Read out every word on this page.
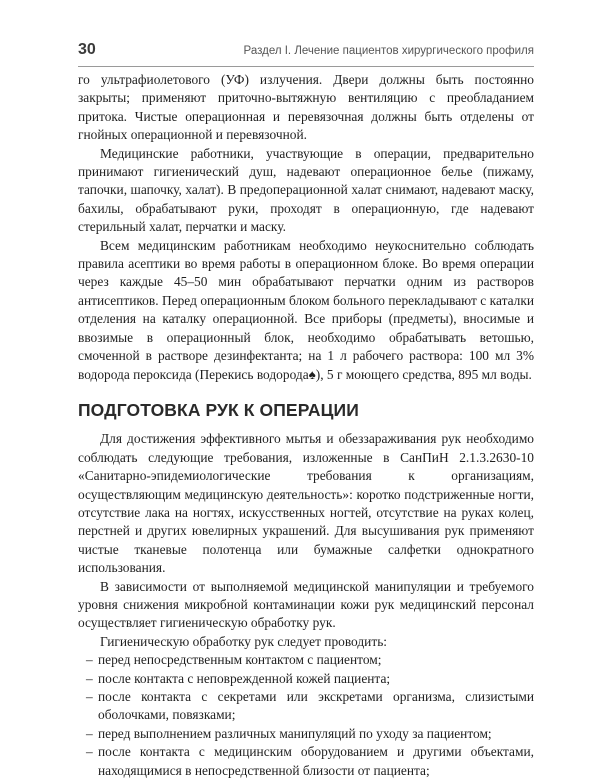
30	Раздел I. Лечение пациентов хирургического профиля

го ультрафиолетового (УФ) излучения. Двери должны быть постоянно закрыты; применяют приточно-вытяжную вентиляцию с преобладанием притока. Чистые операционная и перевязочная должны быть отделены от гнойных операционной и перевязочной.

Медицинские работники, участвующие в операции, предварительно принимают гигиенический душ, надевают операционное белье (пижаму, тапочки, шапочку, халат). В предоперационной халат снимают, надевают маску, бахилы, обрабатывают руки, проходят в операционную, где надевают стерильный халат, перчатки и маску.

Всем медицинским работникам необходимо неукоснительно соблюдать правила асептики во время работы в операционном блоке. Во время операции через каждые 45–50 мин обрабатывают перчатки одним из растворов антисептиков. Перед операционным блоком больного перекладывают с каталки отделения на каталку операционной. Все приборы (предметы), вносимые и ввозимые в операционный блок, необходимо обрабатывать ветошью, смоченной в растворе дезинфектанта; на 1 л рабочего раствора: 100 мл 3% водорода пероксида (Перекись водорода♠), 5 г моющего средства, 895 мл воды.

ПОДГОТОВКА РУК К ОПЕРАЦИИ

Для достижения эффективного мытья и обеззараживания рук необходимо соблюдать следующие требования, изложенные в СанПиН 2.1.3.2630-10 «Санитарно-эпидемиологические требования к организациям, осуществляющим медицинскую деятельность»: коротко подстриженные ногти, отсутствие лака на ногтях, искусственных ногтей, отсутствие на руках колец, перстней и других ювелирных украшений. Для высушивания рук применяют чистые тканевые полотенца или бумажные салфетки однократного использования.

В зависимости от выполняемой медицинской манипуляции и требуемого уровня снижения микробной контаминации кожи рук медицинский персонал осуществляет гигиеническую обработку рук.

Гигиеническую обработку рук следует проводить:

– перед непосредственным контактом с пациентом;
– после контакта с неповрежденной кожей пациента;
– после контакта с секретами или экскретами организма, слизистыми оболочками, повязками;
– перед выполнением различных манипуляций по уходу за пациентом;
– после контакта с медицинским оборудованием и другими объектами, находящимися в непосредственной близости от пациента;
